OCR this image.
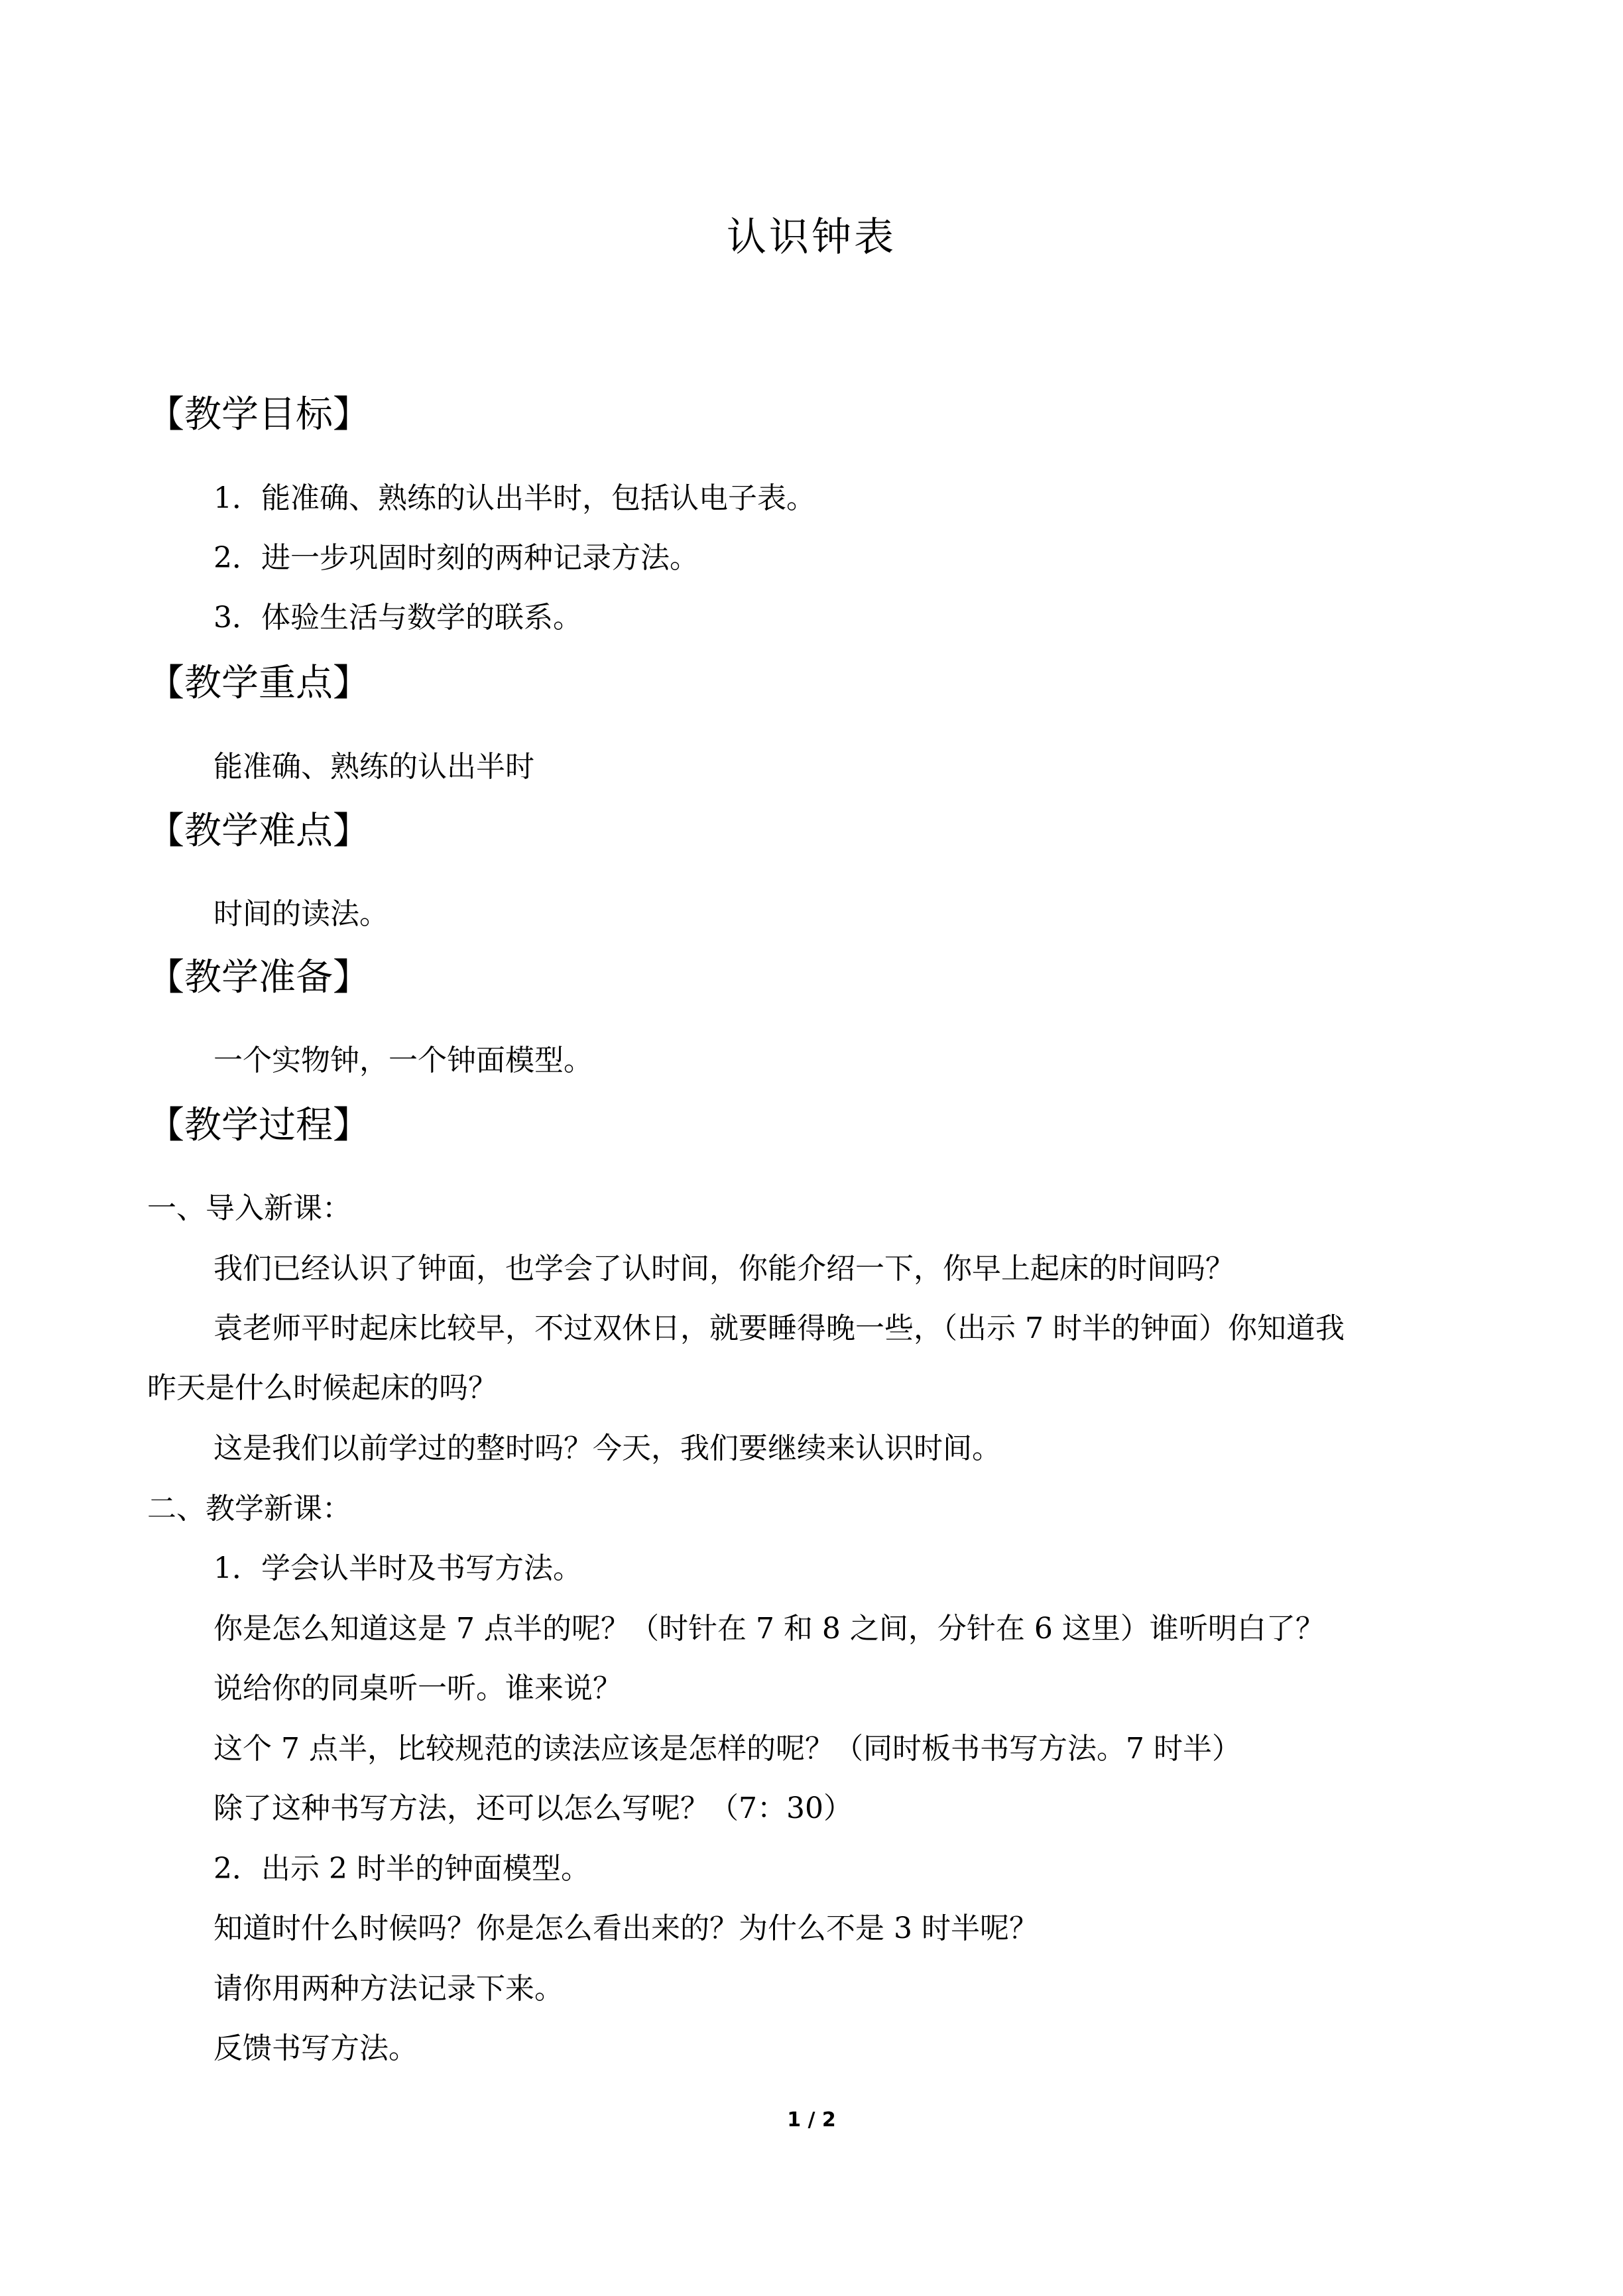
认识钟表
【教学目标】
1．能准确、熟练的认出半时，包括认电子表。
2．进一步巩固时刻的两种记录方法。
3．体验生活与数学的联系。
【教学重点】
能准确、熟练的认出半时
【教学难点】
时间的读法。
【教学准备】
一个实物钟，一个钟面模型。
【教学过程】
一、导入新课：
我们已经认识了钟面，也学会了认时间，你能介绍一下，你早上起床的时间吗？
袁老师平时起床比较早，不过双休日，就要睡得晚一些，（出示 7 时半的钟面）你知道我
昨天是什么时候起床的吗？
这是我们以前学过的整时吗？今天，我们要继续来认识时间。
二、教学新课：
1．学会认半时及书写方法。
你是怎么知道这是 7 点半的呢？（时针在 7 和 8 之间，分针在 6 这里）谁听明白了？
说给你的同桌听一听。谁来说？
这个 7 点半，比较规范的读法应该是怎样的呢？（同时板书书写方法。7 时半）
除了这种书写方法，还可以怎么写呢？（7：30）
2．出示 2 时半的钟面模型。
知道时什么时候吗？你是怎么看出来的？为什么不是 3 时半呢？
请你用两种方法记录下来。
反馈书写方法。
1 / 2
